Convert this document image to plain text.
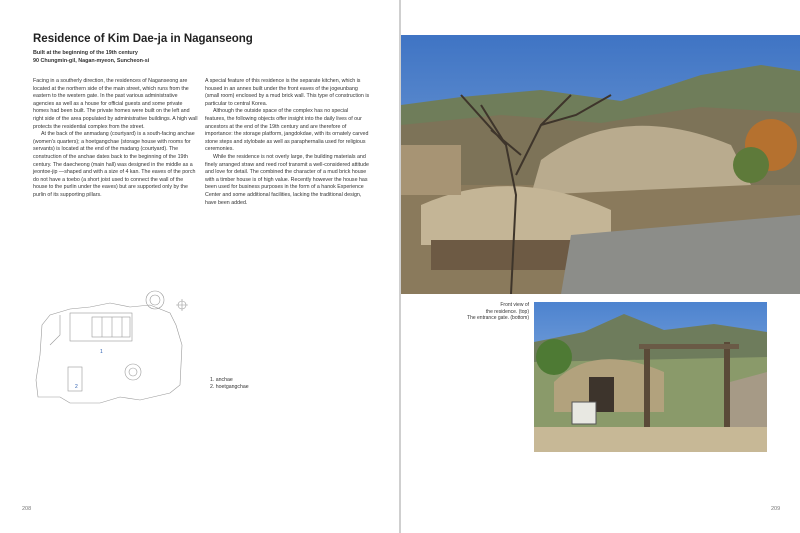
Residence of Kim Dae-ja in Naganseong
Built at the beginning of the 19th century
90 Chungmin-gil, Nagan-myeon, Suncheon-si

Facing in a southerly direction, the residences of Naganseong are located at the northern side of the main street, which runs from the eastern to the western gate. In the past various administrative agencies as well as a house for official guests and some private homes had been built. The private homes were built on the left and right side of the area populated by administrative buildings. A high wall protects the residential complex from the street.

At the back of the anmadang (courtyard) is a south-facing anchae (women's quarters); a hoetgangchae (storage house with rooms for servants) is located at the end of the madang (courtyard). The construction of the anchae dates back to the beginning of the 19th century. The daecheong (main hall) was designed in the middle as a jeontoe-jip —shaped and with a size of 4 kan. The eaves of the porch do not have a toebo (a short joist used to connect the wall of the house to the purlin under the eaves) but are supported only by the purlin of its supporting pillars.

A special feature of this residence is the separate kitchen, which is housed in an annex built under the front eaves of the jogeunbang (small room) enclosed by a mud brick wall. This type of construction is particular to central Korea.

Although the outside space of the complex has no special features, the following objects offer insight into the daily lives of our ancestors at the end of the 19th century and are therefore of importance: the storage platform, jangdokdae, with its ornately carved stone steps and stylobate as well as paraphernalia used for religious ceremonies.

While the residence is not overly large, the building materials and finely arranged straw and reed roof transmit a well-considered attitude and love for detail. The combined the character of a mud brick house with a timber house is of high value. Recently however the house has been used for business purposes in the form of a hanok Experience Center and some additional facilities, lacking the traditional design, have been added.

1
2
1. anchae
2. hoetgangchae
208
Front view of
the residence. (top)
The entrance gate. (bottom)
209
